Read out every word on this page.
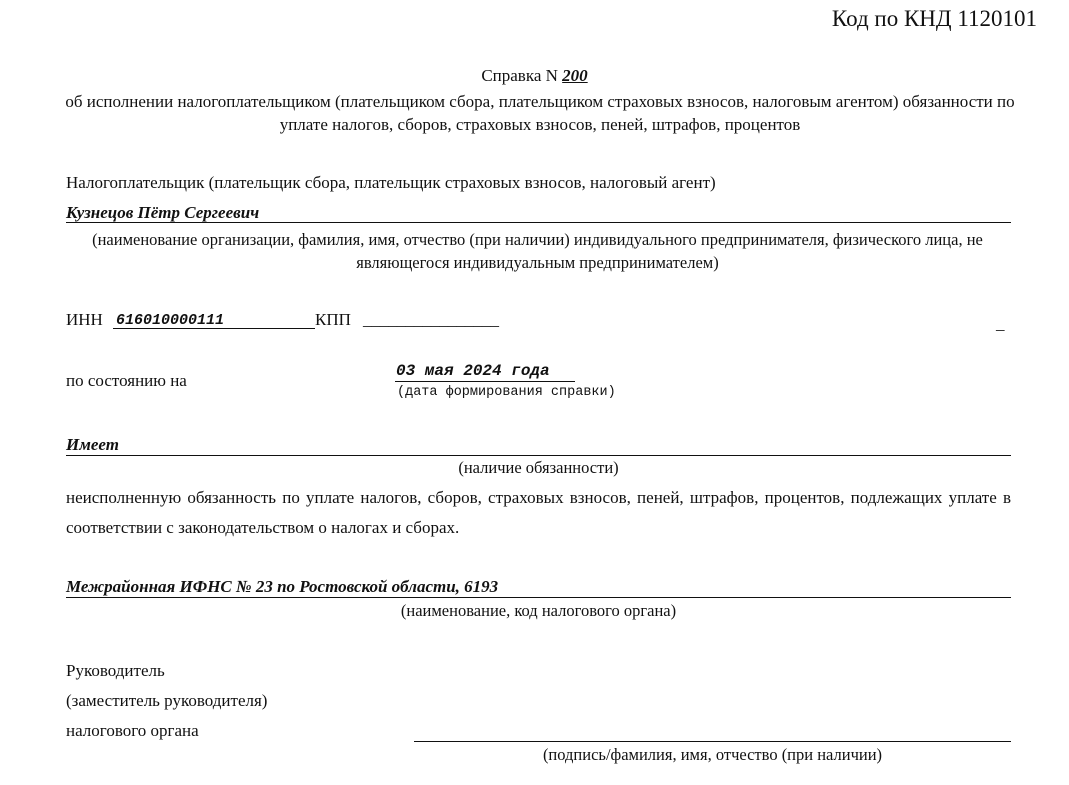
Код по КНД 1120101
Справка N 200
об исполнении налогоплательщиком (плательщиком сбора, плательщиком страховых взносов, налоговым агентом) обязанности по уплате налогов, сборов, страховых взносов, пеней, штрафов, процентов
Налогоплательщик (плательщик сбора, плательщик страховых взносов, налоговый агент)
Кузнецов Пётр Сергеевич
(наименование организации, фамилия, имя, отчество (при наличии) индивидуального предпринимателя, физического лица, не являющегося индивидуальным предпринимателем)
ИНН 616010000111	КПП ________________	_
по состоянию на	03 мая 2024 года
(дата формирования справки)
Имеет
(наличие обязанности)
неисполненную обязанность по уплате налогов, сборов, страховых взносов, пеней, штрафов, процентов, подлежащих уплате в соответствии с законодательством о налогах и сборах.
Межрайонная ИФНС № 23 по Ростовской области, 6193
(наименование, код налогового органа)
Руководитель
(заместитель руководителя)
налогового органа
(подпись/фамилия, имя, отчество (при наличии)
